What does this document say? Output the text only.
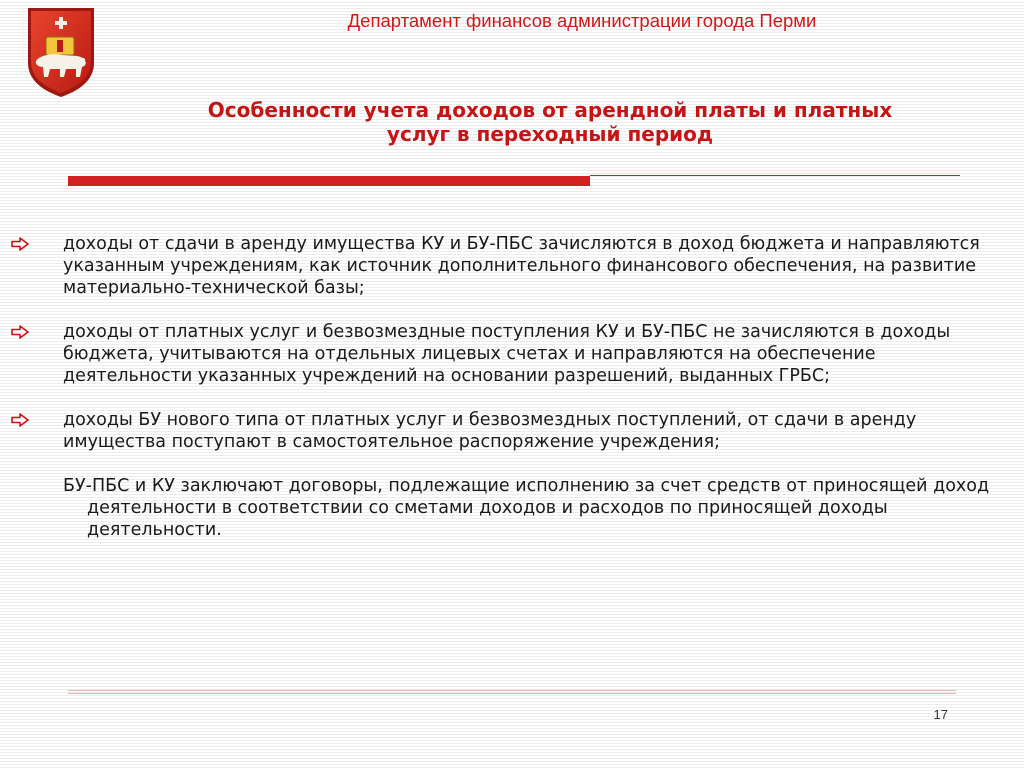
Департамент финансов администрации города Перми
Особенности учета доходов от арендной платы и платных
услуг в переходный период
доходы от сдачи в аренду имущества КУ и БУ-ПБС зачисляются в доход бюджета и направляются указанным учреждениям, как источник дополнительного финансового обеспечения, на развитие материально-технической базы;
доходы от платных услуг и безвозмездные поступления КУ и БУ-ПБС не зачисляются в доходы бюджета, учитываются на отдельных лицевых счетах и направляются на обеспечение деятельности указанных учреждений на основании разрешений, выданных ГРБС;
доходы БУ нового типа от платных услуг и безвозмездных поступлений, от сдачи в аренду имущества поступают в самостоятельное распоряжение учреждения;
БУ-ПБС и КУ заключают договоры, подлежащие исполнению за счет средств от приносящей доход деятельности в соответствии со сметами доходов и расходов по приносящей доходы деятельности.
17
